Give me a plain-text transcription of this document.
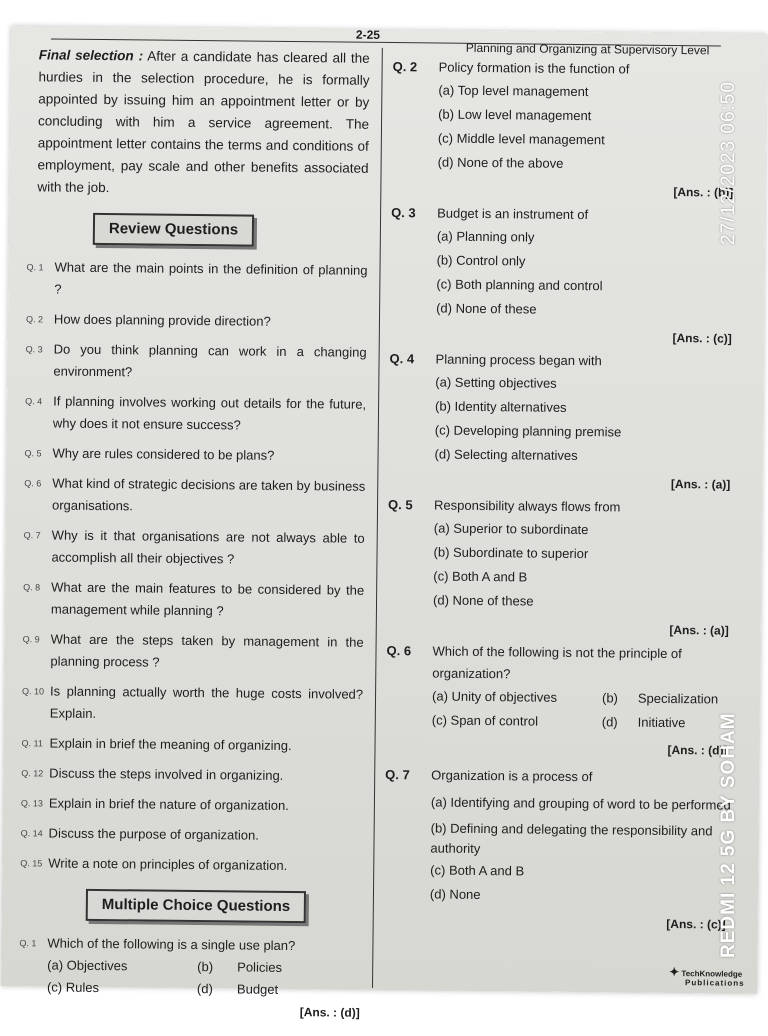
2-25
Planning and Organizing at Supervisory Level

Final selection : After a candidate has cleared all the hurdies in the selection procedure, he is formally appointed by issuing him an appointment letter or by concluding with him a service agreement. The appointment letter contains the terms and conditions of employment, pay scale and other benefits associated with the job.

Review Questions
Q. 1 What are the main points in the definition of planning ?
Q. 2 How does planning provide direction?
Q. 3 Do you think planning can work in a changing environment?
Q. 4 If planning involves working out details for the future, why does it not ensure success?
Q. 5 Why are rules considered to be plans?
Q. 6 What kind of strategic decisions are taken by business organisations.
Q. 7 Why is it that organisations are not always able to accomplish all their objectives ?
Q. 8 What are the main features to be considered by the management while planning ?
Q. 9 What are the steps taken by management in the planning process ?
Q. 10 Is planning actually worth the huge costs involved? Explain.
Q. 11 Explain in brief the meaning of organizing.
Q. 12 Discuss the steps involved in organizing.
Q. 13 Explain in brief the nature of organization.
Q. 14 Discuss the purpose of organization.
Q. 15 Write a note on principles of organization.
Multiple Choice Questions
Q. 1 Which of the following is a single use plan?
(a) Objectives	(b)	Policies
(c) Rules	(d)	Budget
[Ans. : (d)]
Q. 2 Policy formation is the function of
(a) Top level management
(b) Low level management
(c) Middle level management
(d) None of the above
[Ans. : (b)]
Q. 3 Budget is an instrument of
(a) Planning only
(b) Control only
(c) Both planning and control
(d) None of these
[Ans. : (c)]
Q. 4 Planning process began with
(a) Setting objectives
(b) Identity alternatives
(c) Developing planning premise
(d) Selecting alternatives
[Ans. : (a)]
Q. 5 Responsibility always flows from
(a) Superior to subordinate
(b) Subordinate to superior
(c) Both A and B
(d) None of these
[Ans. : (a)]
Q. 6 Which of the following is not the principle of organization?
(a) Unity of objectives	(b) Specialization
(c) Span of control	(d) Initiative
[Ans. : (d)]
Q. 7 Organization is a process of
(a) Identifying and grouping of word to be performed
(b) Defining and delegating the responsibility and authority
(c) Both A and B
(d) None
[Ans. : (c)]
✦ TechKnowledge
Publications
27/12/2023 06:50
REDMI 12 5G BY SOHAM
